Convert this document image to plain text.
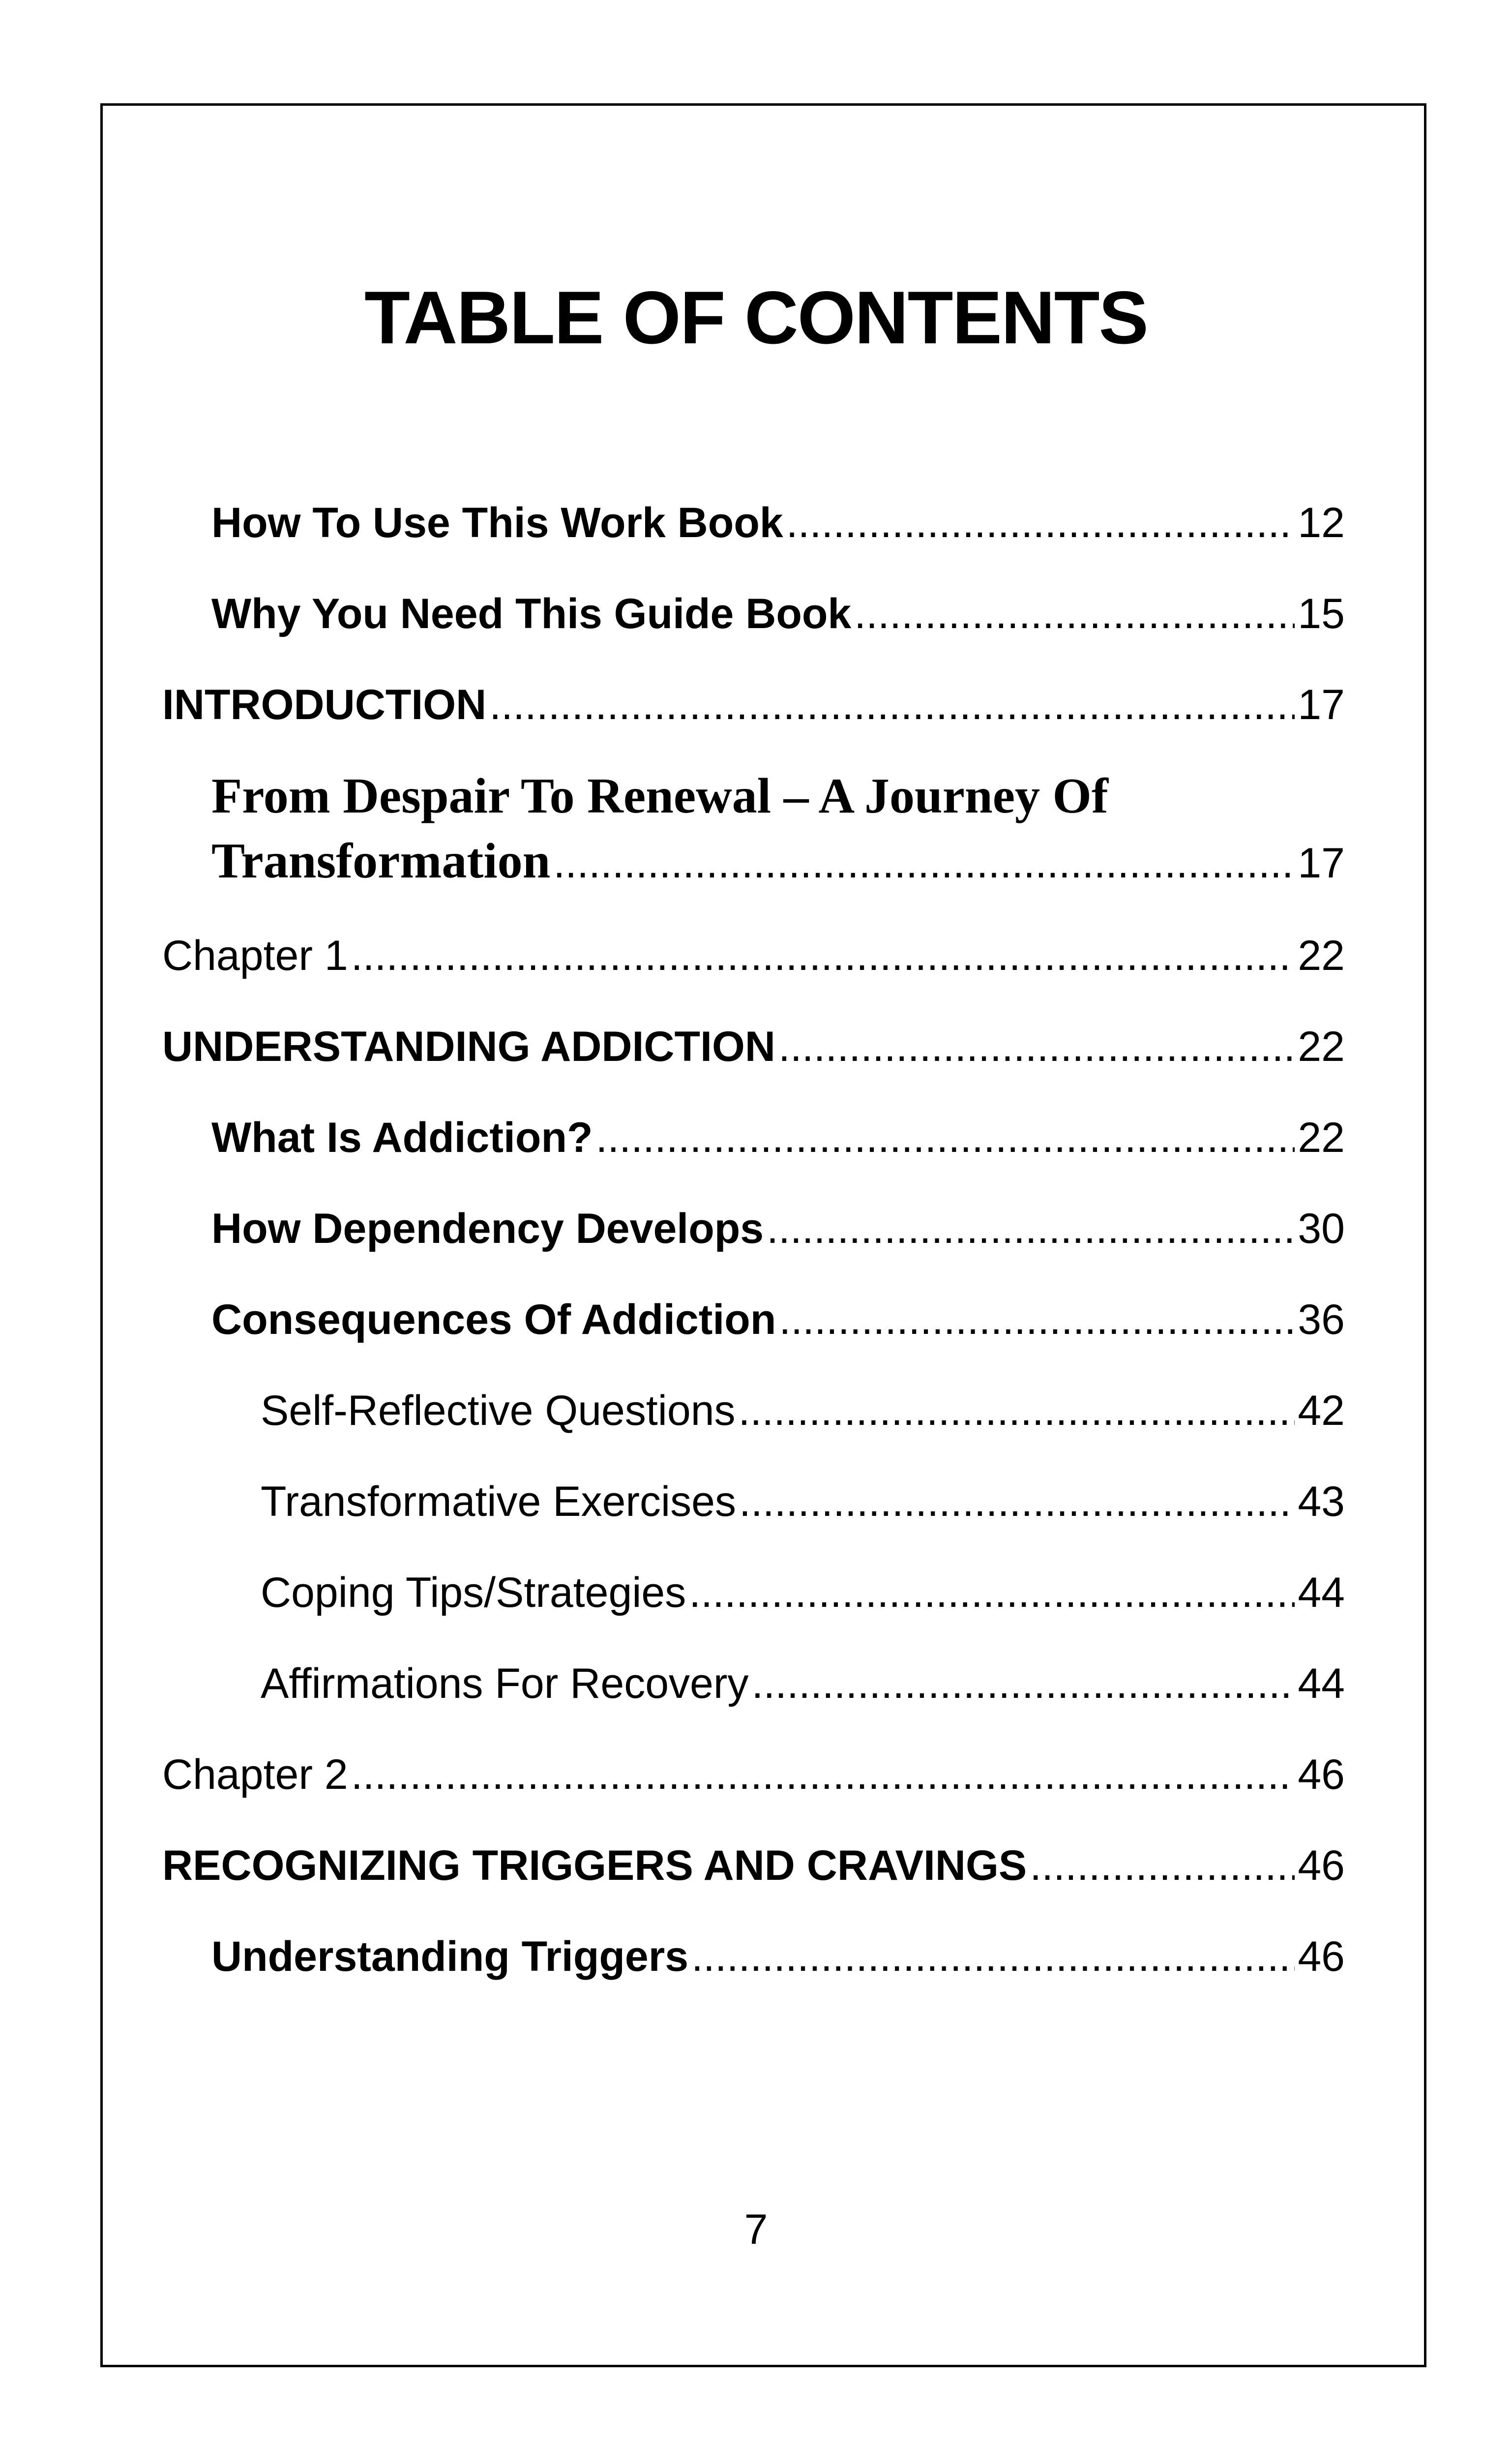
TABLE OF CONTENTS
How To Use This Work Book .....	12
Why You Need This Guide Book .....	15
INTRODUCTION .....	17
From Despair To Renewal – A Journey Of
Transformation .....	17
Chapter 1 .....	22
UNDERSTANDING ADDICTION .....	22
What Is Addiction? .....	22
How Dependency Develops .....	30
Consequences Of Addiction .....	36
Self-Reflective Questions .....	42
Transformative Exercises .....	43
Coping Tips/Strategies .....	44
Affirmations For Recovery .....	44
Chapter 2 .....	46
RECOGNIZING TRIGGERS AND CRAVINGS .....	46
Understanding Triggers .....	46
7
